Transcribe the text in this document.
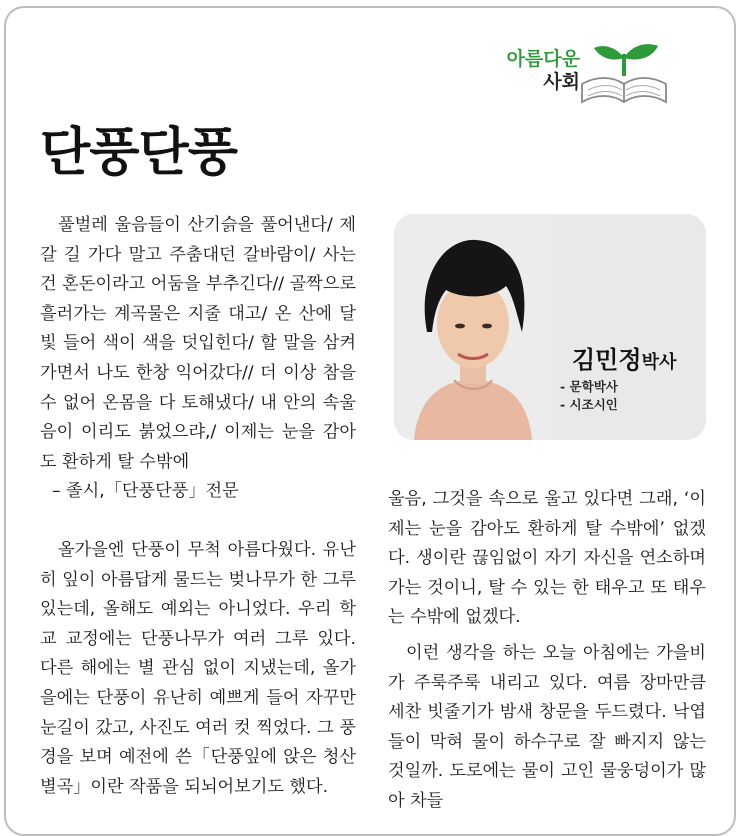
아름다운
사회
단풍단풍

풀벌레 울음들이 산기슭을 풀어낸다/ 제 갈 길 가다 말고 주춤대던 갈바람이/ 사는 건 혼돈이라고 어둠을 부추긴다// 골짝으로 흘러가는 계곡물은 지줄 대고/ 온 산에 달빛 들어 색이 색을 덧입힌다/ 할 말을 삼켜가면서 나도 한창 익어갔다// 더 이상 참을 수 없어 온몸을 다 토해냈다/ 내 안의 속울음이 이리도 붉었으랴,/ 이제는 눈을 감아도 환하게 탈 수밖에

– 졸시,「단풍단풍」전문

올가을엔 단풍이 무척 아름다웠다. 유난히 잎이 아름답게 물드는 벚나무가 한 그루 있는데, 올해도 예외는 아니었다. 우리 학교 교정에는 단풍나무가 여러 그루 있다. 다른 해에는 별 관심 없이 지냈는데, 올가을에는 단풍이 유난히 예쁘게 들어 자꾸만 눈길이 갔고, 사진도 여러 컷 찍었다. 그 풍경을 보며 예전에 쓴「단풍잎에 앉은 청산별곡」이란 작품을 되뇌어보기도 했다.

김민정박사
- 문학박사
- 시조시인

울음, 그것을 속으로 울고 있다면 그래, ‘이제는 눈을 감아도 환하게 탈 수밖에’ 없겠다. 생이란 끊임없이 자기 자신을 연소하며 가는 것이니, 탈 수 있는 한 태우고 또 태우는 수밖에 없겠다.

이런 생각을 하는 오늘 아침에는 가을비가 주룩주룩 내리고 있다. 여름 장마만큼 세찬 빗줄기가 밤새 창문을 두드렸다. 낙엽들이 막혀 물이 하수구로 잘 빠지지 않는 것일까. 도로에는 물이 고인 물웅덩이가 많아 차들
